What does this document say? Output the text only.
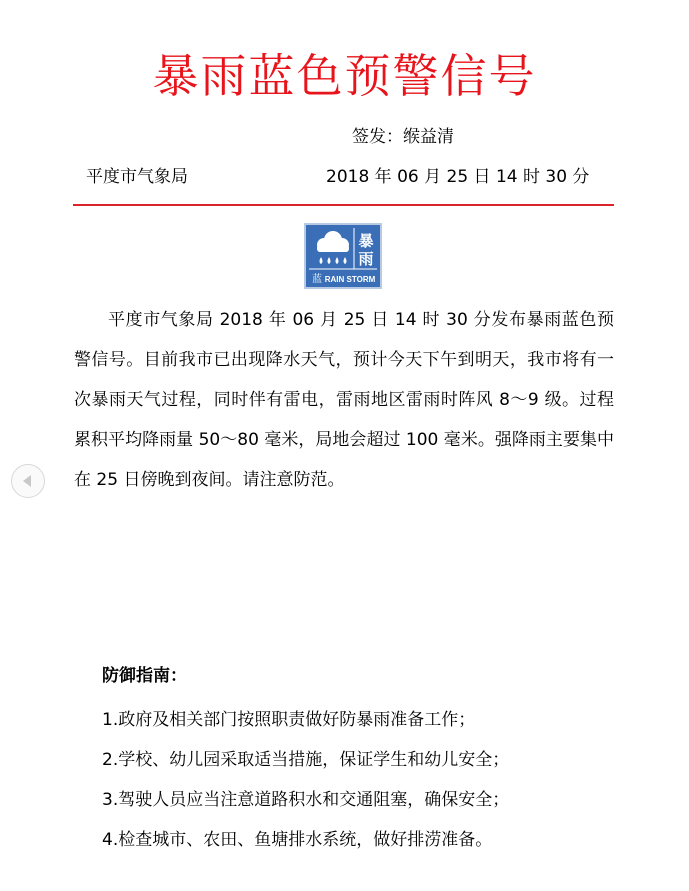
暴雨蓝色预警信号
签发：缑益清
平度市气象局	2018 年 06 月 25 日 14 时 30 分
暴
雨
蓝 RAIN STORM

平度市气象局 2018 年 06 月 25 日 14 时 30 分发布暴雨蓝色预警信号。目前我市已出现降水天气，预计今天下午到明天，我市将有一次暴雨天气过程，同时伴有雷电，雷雨地区雷雨时阵风 8～9 级。过程累积平均降雨量 50～80 毫米，局地会超过 100 毫米。强降雨主要集中在 25 日傍晚到夜间。请注意防范。

防御指南：
1.政府及相关部门按照职责做好防暴雨准备工作；
2.学校、幼儿园采取适当措施，保证学生和幼儿安全；
3.驾驶人员应当注意道路积水和交通阻塞，确保安全；
4.检查城市、农田、鱼塘排水系统，做好排涝准备。
